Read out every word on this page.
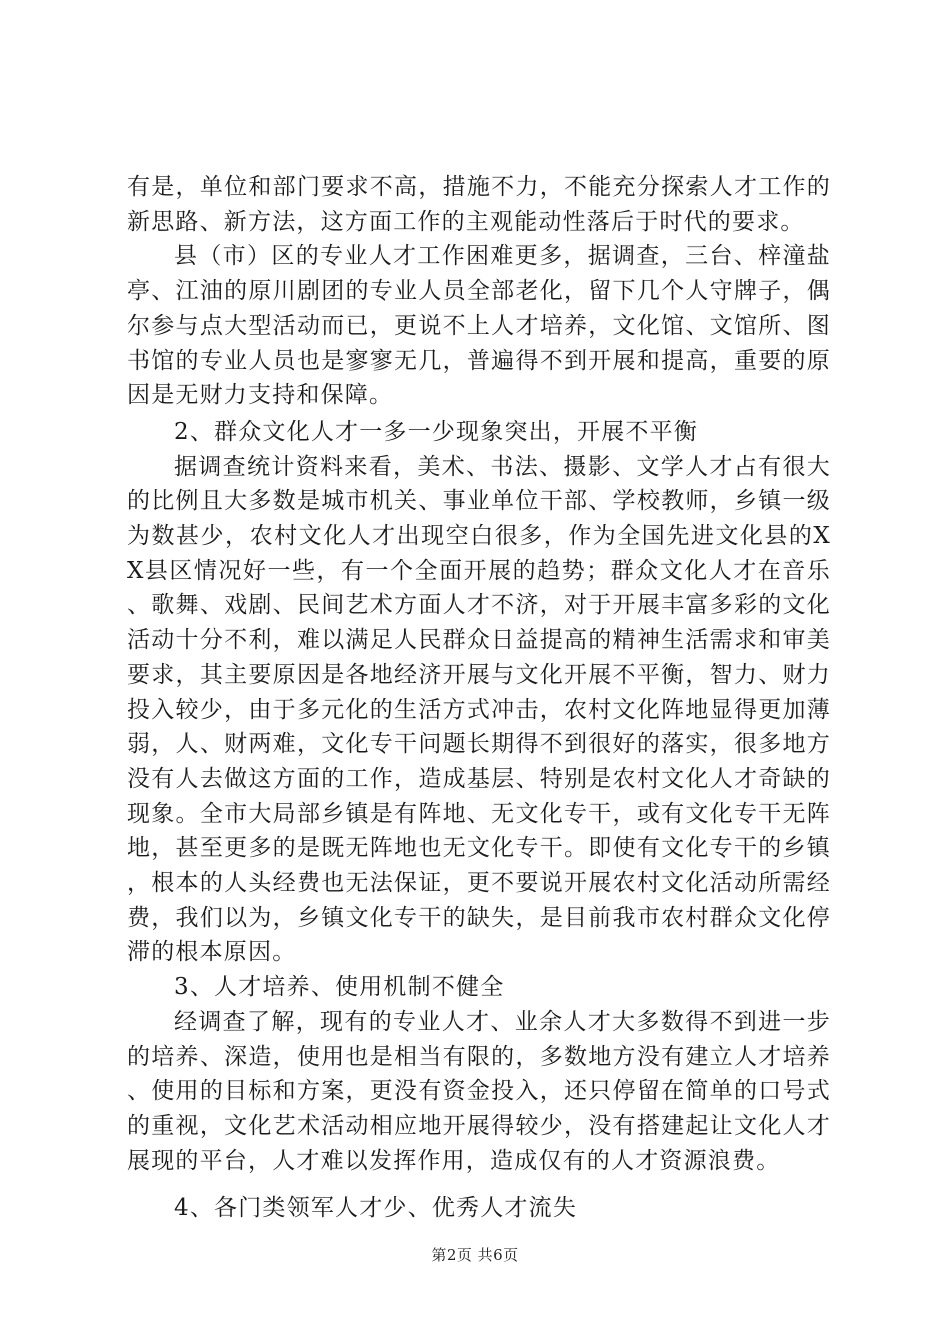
有是，单位和部门要求不高，措施不力，不能充分探索人才工作的新思路、新方法，这方面工作的主观能动性落后于时代的要求。

县（市）区的专业人才工作困难更多，据调查，三台、梓潼盐亭、江油的原川剧团的专业人员全部老化，留下几个人守牌子，偶尔参与点大型活动而已，更说不上人才培养，文化馆、文馆所、图书馆的专业人员也是寥寥无几，普遍得不到开展和提高，重要的原因是无财力支持和保障。

2、群众文化人才一多一少现象突出，开展不平衡

据调查统计资料来看，美术、书法、摄影、文学人才占有很大的比例且大多数是城市机关、事业单位干部、学校教师，乡镇一级为数甚少，农村文化人才出现空白很多，作为全国先进文化县的XX县区情况好一些，有一个全面开展的趋势；群众文化人才在音乐、歌舞、戏剧、民间艺术方面人才不济，对于开展丰富多彩的文化活动十分不利，难以满足人民群众日益提高的精神生活需求和审美要求，其主要原因是各地经济开展与文化开展不平衡，智力、财力投入较少，由于多元化的生活方式冲击，农村文化阵地显得更加薄弱，人、财两难，文化专干问题长期得不到很好的落实，很多地方没有人去做这方面的工作，造成基层、特别是农村文化人才奇缺的现象。全市大局部乡镇是有阵地、无文化专干，或有文化专干无阵地，甚至更多的是既无阵地也无文化专干。即使有文化专干的乡镇，根本的人头经费也无法保证，更不要说开展农村文化活动所需经费，我们以为，乡镇文化专干的缺失，是目前我市农村群众文化停滞的根本原因。

3、人才培养、使用机制不健全

经调查了解，现有的专业人才、业余人才大多数得不到进一步的培养、深造，使用也是相当有限的，多数地方没有建立人才培养、使用的目标和方案，更没有资金投入，还只停留在简单的口号式的重视，文化艺术活动相应地开展得较少，没有搭建起让文化人才展现的平台，人才难以发挥作用，造成仅有的人才资源浪费。

4、各门类领军人才少、优秀人才流失

第2页 共6页
